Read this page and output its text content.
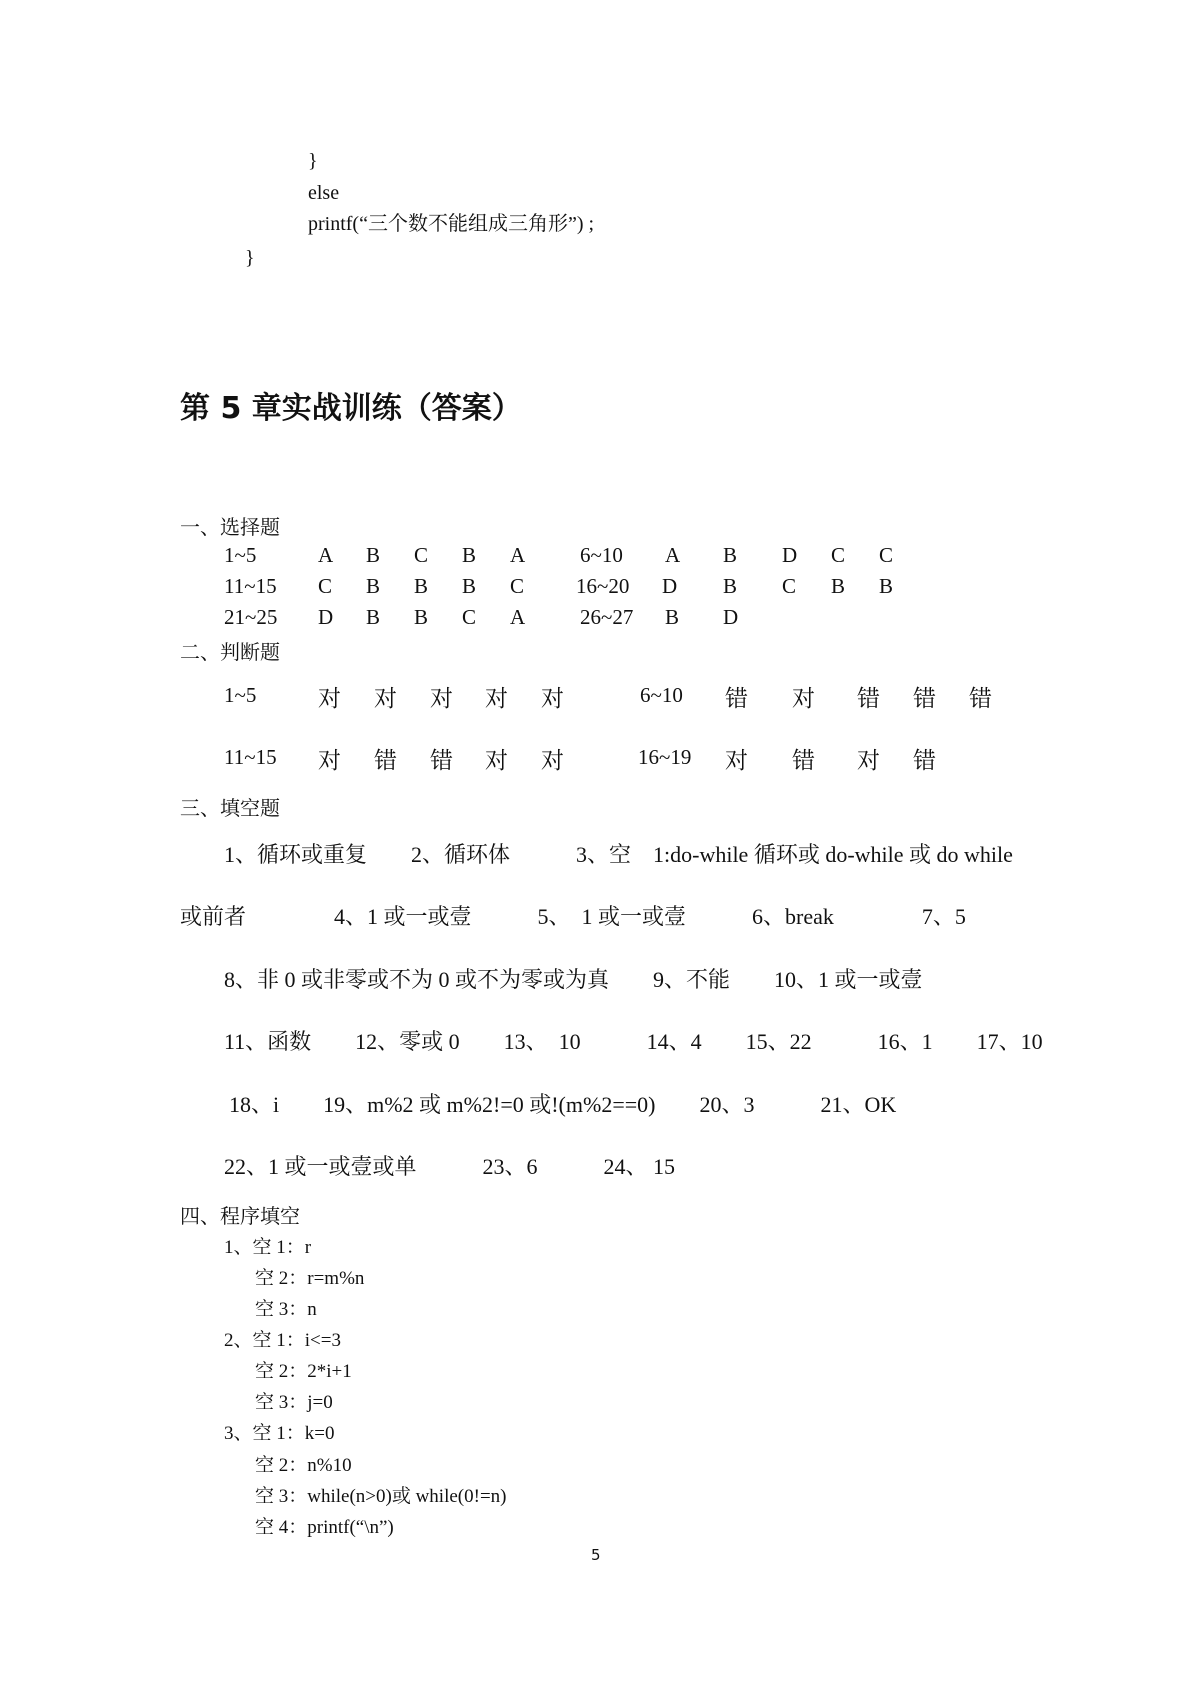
}
else
printf(“三个数不能组成三角形”) ;
}
第 5 章实战训练（答案）
一、选择题
1~5	A B C B A	6~10 A B D C C
11~15 C B B B C 16~20 D B C B B
21~25 D B B C A	26~27 B D
二、判断题
1~5	对 对 对 对 对	6~10 错 对 错 错 错
11~15 对 错 错 对 对	16~19 对 错 对 错
三、填空题
1、循环或重复　　2、循环体　　　3、空　1:do-while 循环或 do-while 或 do while
或前者　　　　4、1 或一或壹　　　5、　1 或一或壹　　　6、break　　　　7、5
8、非 0 或非零或不为 0 或不为零或为真　　9、不能　　10、1 或一或壹
11、函数　　12、零或 0　　13、　10　　　14、4　　15、22　　　16、1　　17、10
18、i　　19、m%2 或 m%2!=0 或!(m%2==0)　　20、3　　　21、OK
22、1 或一或壹或单　　　23、6　　　24、 15
四、程序填空
1、空 1：r
空 2：r=m%n
空 3：n
2、空 1：i<=3
空 2：2*i+1
空 3：j=0
3、空 1：k=0
空 2：n%10
空 3：while(n>0)或 while(0!=n)
空 4：printf(“\n”)
5
